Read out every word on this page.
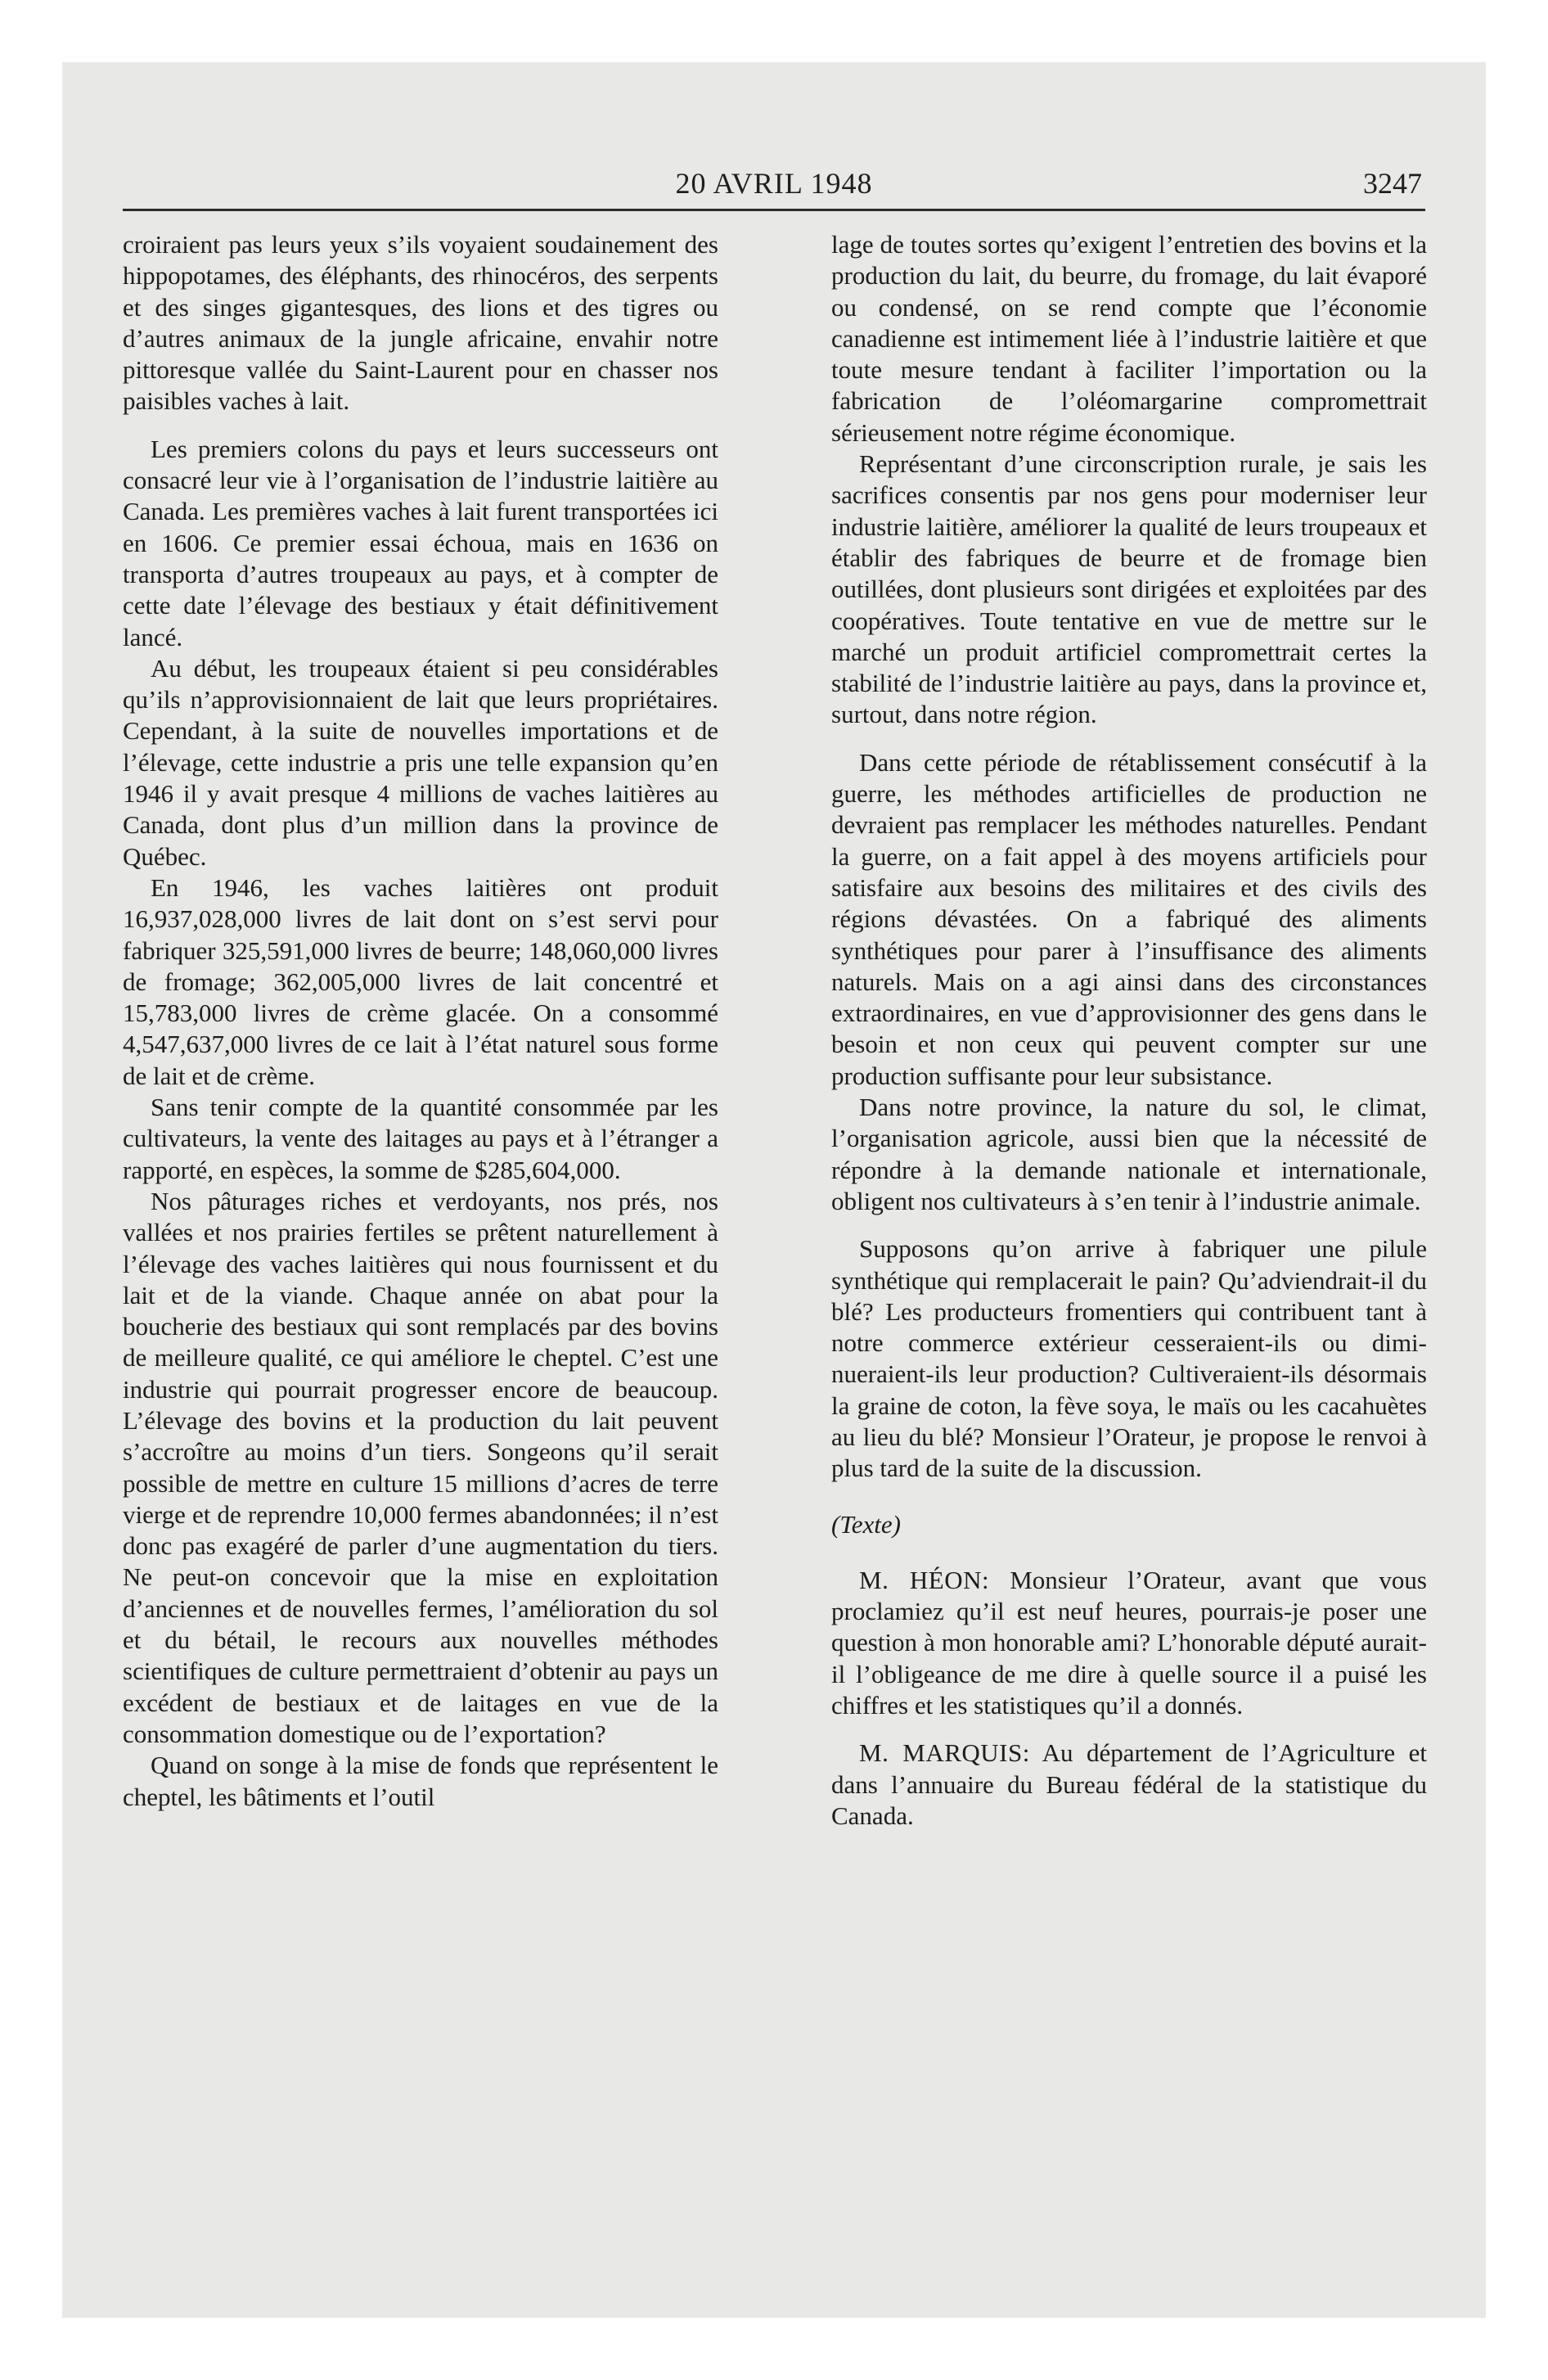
20 AVRIL 1948	3247

croiraient pas leurs yeux s’ils voyaient soudainement des hippopotames, des éléphants, des rhinocéros, des serpents et des singes gigantesques, des lions et des tigres ou d’autres animaux de la jungle africaine, envahir notre pittoresque vallée du Saint-Laurent pour en chasser nos paisibles vaches à lait.

Les premiers colons du pays et leurs successeurs ont consacré leur vie à l’organisation de l’industrie laitière au Canada. Les premières vaches à lait furent transportées ici en 1606. Ce premier essai échoua, mais en 1636 on transporta d’autres troupeaux au pays, et à compter de cette date l’élevage des bestiaux y était définitivement lancé.

Au début, les troupeaux étaient si peu considérables qu’ils n’approvisionnaient de lait que leurs propriétaires. Cependant, à la suite de nouvelles importations et de l’élevage, cette industrie a pris une telle expansion qu’en 1946 il y avait presque 4 millions de vaches laitières au Canada, dont plus d’un million dans la province de Québec.

En 1946, les vaches laitières ont produit 16,937,028,000 livres de lait dont on s’est servi pour fabriquer 325,591,000 livres de beurre; 148,060,000 livres de fromage; 362,005,000 livres de lait concentré et 15,783,000 livres de crème glacée. On a consommé 4,547,637,000 livres de ce lait à l’état naturel sous forme de lait et de crème.

Sans tenir compte de la quantité consommée par les cultivateurs, la vente des laitages au pays et à l’étranger a rapporté, en espèces, la somme de $285,604,000.

Nos pâturages riches et verdoyants, nos prés, nos vallées et nos prairies fertiles se prêtent naturellement à l’élevage des vaches laitières qui nous fournissent et du lait et de la viande. Chaque année on abat pour la boucherie des bestiaux qui sont remplacés par des bovins de meilleure qualité, ce qui améliore le cheptel. C’est une industrie qui pourrait progresser encore de beaucoup. L’élevage des bovins et la production du lait peuvent s’accroître au moins d’un tiers. Songeons qu’il serait possible de mettre en culture 15 millions d’acres de terre vierge et de reprendre 10,000 fermes abandonnées; il n’est donc pas exagéré de parler d’une augmentation du tiers. Ne peut-on concevoir que la mise en exploitation d’anciennes et de nouvelles fermes, l’amélioration du sol et du bétail, le recours aux nouvelles méthodes scientifiques de culture permettraient d’obtenir au pays un excédent de bestiaux et de laitages en vue de la consommation domestique ou de l’exportation?

Quand on songe à la mise de fonds que représentent le cheptel, les bâtiments et l’outil

lage de toutes sortes qu’exigent l’entretien des bovins et la production du lait, du beurre, du fromage, du lait évaporé ou condensé, on se rend compte que l’économie canadienne est intimement liée à l’industrie laitière et que toute mesure tendant à faciliter l’importation ou la fabrication de l’oléomargarine compromettrait sérieusement notre régime économique.

Représentant d’une circonscription rurale, je sais les sacrifices consentis par nos gens pour moderniser leur industrie laitière, améliorer la qualité de leurs troupeaux et établir des fabriques de beurre et de fromage bien outillées, dont plusieurs sont dirigées et exploitées par des coopératives. Toute tentative en vue de mettre sur le marché un produit artificiel compromettrait certes la stabilité de l’industrie laitière au pays, dans la province et, surtout, dans notre région.

Dans cette période de rétablissement consécutif à la guerre, les méthodes artificielles de production ne devraient pas remplacer les méthodes naturelles. Pendant la guerre, on a fait appel à des moyens artificiels pour satisfaire aux besoins des militaires et des civils des régions dévastées. On a fabriqué des aliments synthétiques pour parer à l’insuffisance des aliments naturels. Mais on a agi ainsi dans des circonstances extraordinaires, en vue d’approvisionner des gens dans le besoin et non ceux qui peuvent compter sur une production suffisante pour leur subsistance.

Dans notre province, la nature du sol, le climat, l’organisation agricole, aussi bien que la nécessité de répondre à la demande nationale et internationale, obligent nos cultivateurs à s’en tenir à l’industrie animale.

Supposons qu’on arrive à fabriquer une pilule synthétique qui remplacerait le pain? Qu’adviendrait-il du blé? Les producteurs fromentiers qui contribuent tant à notre commerce extérieur cesseraient-ils ou diminueraient-ils leur production? Cultiveraient-ils désormais la graine de coton, la fève soya, le maïs ou les cacahuètes au lieu du blé? Monsieur l’Orateur, je propose le renvoi à plus tard de la suite de la discussion.

(Texte)

M. HÉON: Monsieur l’Orateur, avant que vous proclamiez qu’il est neuf heures, pourrais-je poser une question à mon honorable ami? L’honorable député aurait-il l’obligeance de me dire à quelle source il a puisé les chiffres et les statistiques qu’il a donnés.

M. MARQUIS: Au département de l’Agriculture et dans l’annuaire du Bureau fédéral de la statistique du Canada.
